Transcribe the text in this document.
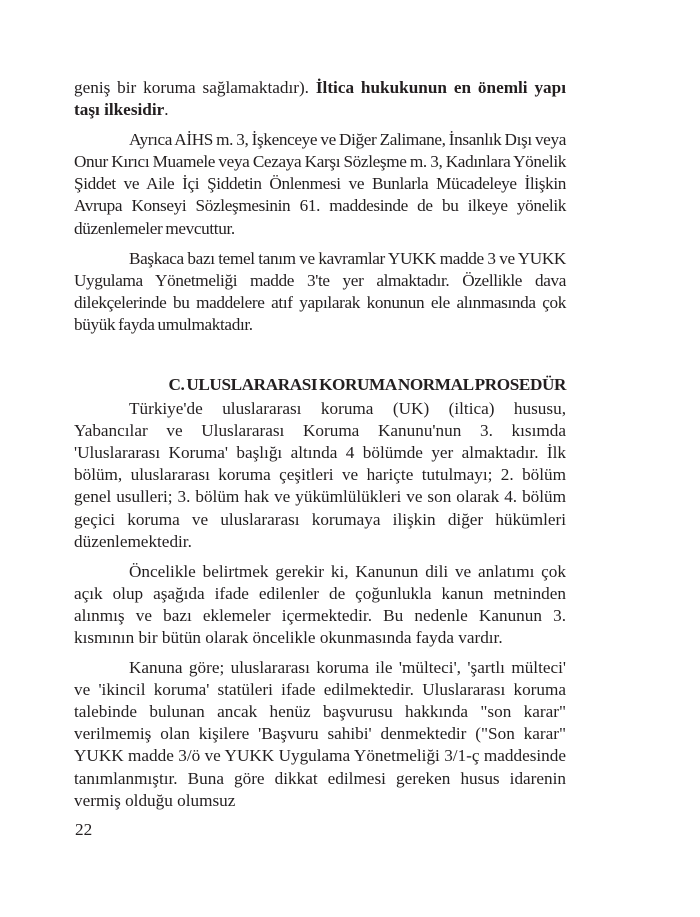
geniş bir koruma sağlamaktadır). İltica hukukunun en önemli yapı taşı ilkesidir.

Ayrıca AİHS m. 3, İşkenceye ve Diğer Zalimane, İnsanlık Dışı veya Onur Kırıcı Muamele veya Cezaya Karşı Sözleşme m. 3, Kadınlara Yönelik Şiddet ve Aile İçi Şiddetin Önlenmesi ve Bunlarla Mücadeleye İlişkin Avrupa Konseyi Sözleşmesinin 61. maddesinde de bu ilkeye yönelik düzenlemeler mevcuttur.

Başkaca bazı temel tanım ve kavramlar YUKK madde 3 ve YUKK Uygulama Yönetmeliği madde 3'te yer almaktadır. Özellikle dava dilekçelerinde bu maddelere atıf yapılarak konunun ele alınmasında çok büyük fayda umulmaktadır.

C. ULUSLARARASI KORUMA NORMAL PROSEDÜR

Türkiye'de uluslararası koruma (UK) (iltica) hususu, Yabancılar ve Uluslararası Koruma Kanunu'nun 3. kısımda 'Uluslararası Koruma' başlığı altında 4 bölümde yer almaktadır. İlk bölüm, uluslararası koruma çeşitleri ve hariçte tutulmayı; 2. bölüm genel usulleri; 3. bölüm hak ve yükümlülükleri ve son olarak 4. bölüm geçici koruma ve uluslararası korumaya ilişkin diğer hükümleri düzenlemektedir.

Öncelikle belirtmek gerekir ki, Kanunun dili ve anlatımı çok açık olup aşağıda ifade edilenler de çoğunlukla kanun metninden alınmış ve bazı eklemeler içermektedir. Bu nedenle Kanunun 3. kısmının bir bütün olarak öncelikle okunmasında fayda vardır.

Kanuna göre; uluslararası koruma ile 'mülteci', 'şartlı mülteci' ve 'ikincil koruma' statüleri ifade edilmektedir. Uluslararası koruma talebinde bulunan ancak henüz başvurusu hakkında "son karar" verilmemiş olan kişilere 'Başvuru sahibi' denmektedir ("Son karar" YUKK madde 3/ö ve YUKK Uygulama Yönetmeliği 3/1-ç maddesinde tanımlanmıştır. Buna göre dikkat edilmesi gereken husus idarenin vermiş olduğu olumsuz

22
